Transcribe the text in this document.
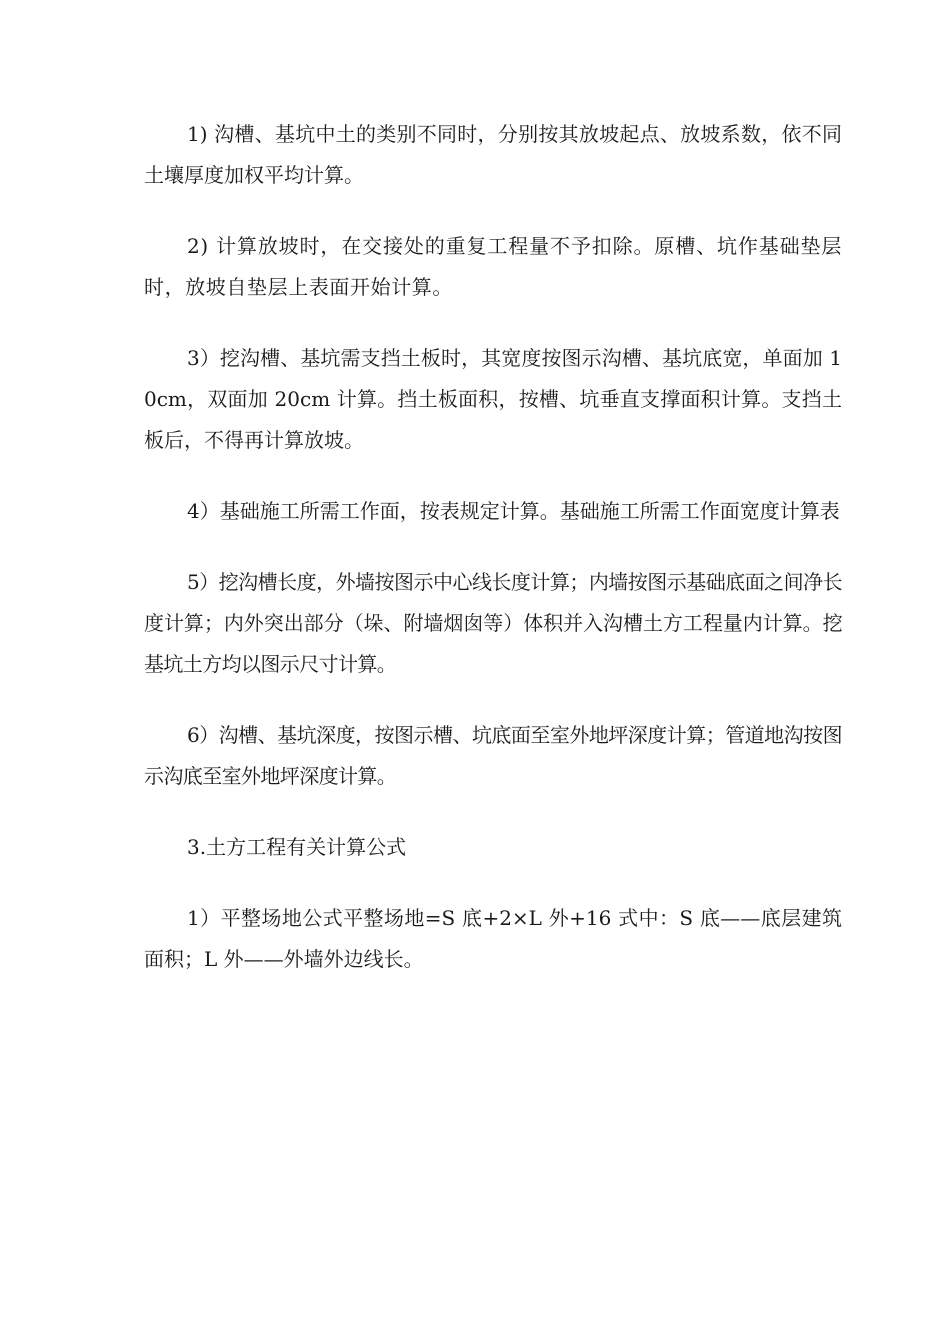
1) 沟槽、基坑中土的类别不同时，分别按其放坡起点、放坡系数，依不同土壤厚度加权平均计算。

2) 计算放坡时，在交接处的重复工程量不予扣除。原槽、坑作基础垫层时，放坡自垫层上表面开始计算。

3）挖沟槽、基坑需支挡土板时，其宽度按图示沟槽、基坑底宽，单面加 10cm，双面加 20cm 计算。挡土板面积，按槽、坑垂直支撑面积计算。支挡土板后，不得再计算放坡。

4）基础施工所需工作面，按表规定计算。基础施工所需工作面宽度计算表

5）挖沟槽长度，外墙按图示中心线长度计算；内墙按图示基础底面之间净长度计算；内外突出部分（垛、附墙烟囱等）体积并入沟槽土方工程量内计算。挖基坑土方均以图示尺寸计算。

6）沟槽、基坑深度，按图示槽、坑底面至室外地坪深度计算；管道地沟按图示沟底至室外地坪深度计算。

3.土方工程有关计算公式

1）平整场地公式平整场地=S 底+2×L 外+16 式中：S 底——底层建筑面积；L 外——外墙外边线长。
